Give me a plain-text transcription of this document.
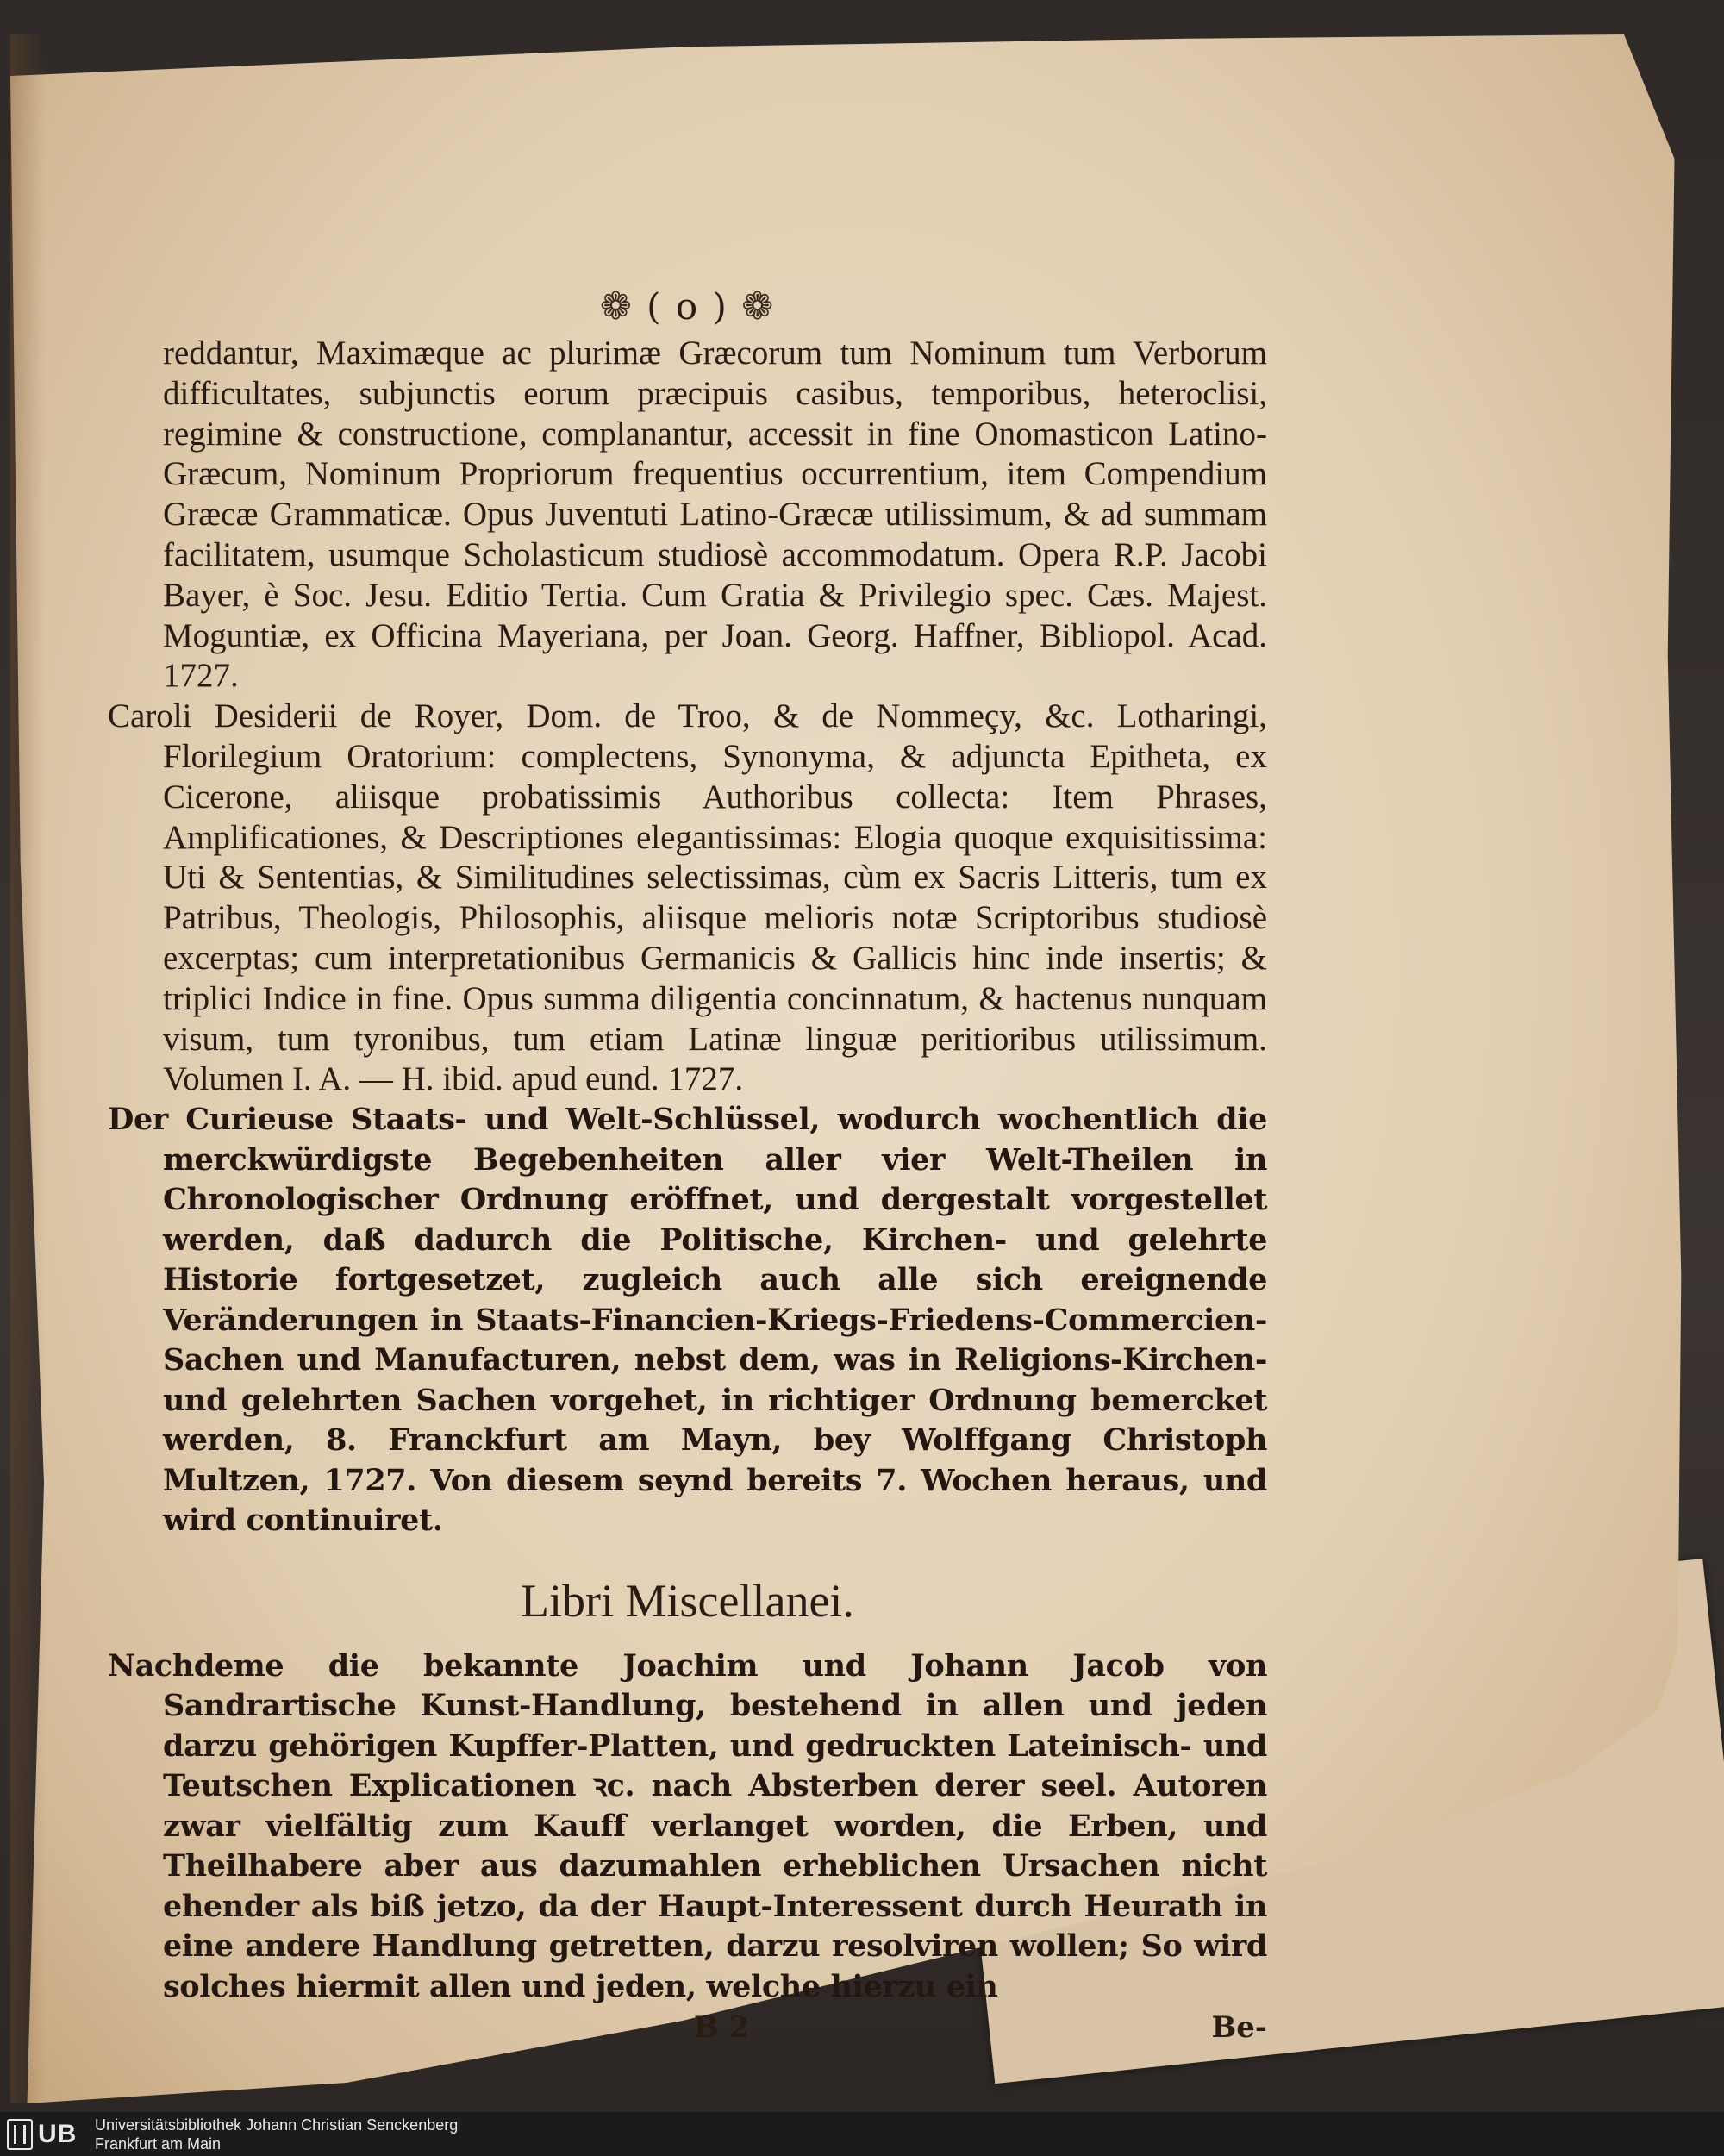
❁ ( o ) ❁

reddantur, Maximæque ac plurimæ Græcorum tum Nominum tum Verborum difficultates, subjunctis eorum præcipuis casibus, temporibus, heteroclisi, regimine & constructione, complanantur, accessit in fine Onomasticon Latino-Græcum, Nominum Propriorum frequentius occurrentium, item Compendium Græcæ Grammaticæ. Opus Juventuti Latino-Græcæ utilissimum, & ad summam facilitatem, usumque Scholasticum studiosè accommodatum. Opera R.P. Jacobi Bayer, è Soc. Jesu. Editio Tertia. Cum Gratia & Privilegio spec. Cæs. Majest. Moguntiæ, ex Officina Mayeriana, per Joan. Georg. Haffner, Bibliopol. Acad. 1727.

Caroli Desiderii de Royer, Dom. de Troo, & de Nommeçy, &c. Lotharingi, Florilegium Oratorium: complectens, Synonyma, & adjuncta Epitheta, ex Cicerone, aliisque probatissimis Authoribus collecta: Item Phrases, Amplificationes, & Descriptiones elegantissimas: Elogia quoque exquisitissima: Uti & Sententias, & Similitudines selectissimas, cùm ex Sacris Litteris, tum ex Patribus, Theologis, Philosophis, aliisque melioris notæ Scriptoribus studiosè excerptas; cum interpretationibus Germanicis & Gallicis hinc inde insertis; & triplici Indice in fine. Opus summa diligentia concinnatum, & hactenus nunquam visum, tum tyronibus, tum etiam Latinæ linguæ peritioribus utilissimum. Volumen I. A. — H. ibid. apud eund. 1727.

Der Curieuse Staats- und Welt-Schlüssel, wodurch wochentlich die merckwürdigste Begebenheiten aller vier Welt-Theilen in Chronologischer Ordnung eröffnet, und dergestalt vorgestellet werden, daß dadurch die Politische, Kirchen- und gelehrte Historie fortgesetzet, zugleich auch alle sich ereignende Veränderungen in Staats-Financien-Kriegs-Friedens-Commercien-Sachen und Manufacturen, nebst dem, was in Religions-Kirchen- und gelehrten Sachen vorgehet, in richtiger Ordnung bemercket werden, 8. Franckfurt am Mayn, bey Wolffgang Christoph Multzen, 1727. Von diesem seynd bereits 7. Wochen heraus, und wird continuiret.

Libri Miscellanei.

Nachdeme die bekannte Joachim und Johann Jacob von Sandrartische Kunst-Handlung, bestehend in allen und jeden darzu gehörigen Kupffer-Platten, und gedruckten Lateinisch- und Teutschen Explicationen ꝛc. nach Absterben derer seel. Autoren zwar vielfältig zum Kauff verlanget worden, die Erben, und Theilhabere aber aus dazumahlen erheblichen Ursachen nicht ehender als biß jetzo, da der Haupt-Interessent durch Heurath in eine andere Handlung getretten, darzu resolviren wollen; So wird solches hiermit allen und jeden, welche hierzu ein

B 2	Be-
UB Universitätsbibliothek Johann Christian Senckenberg
Frankfurt am Main
